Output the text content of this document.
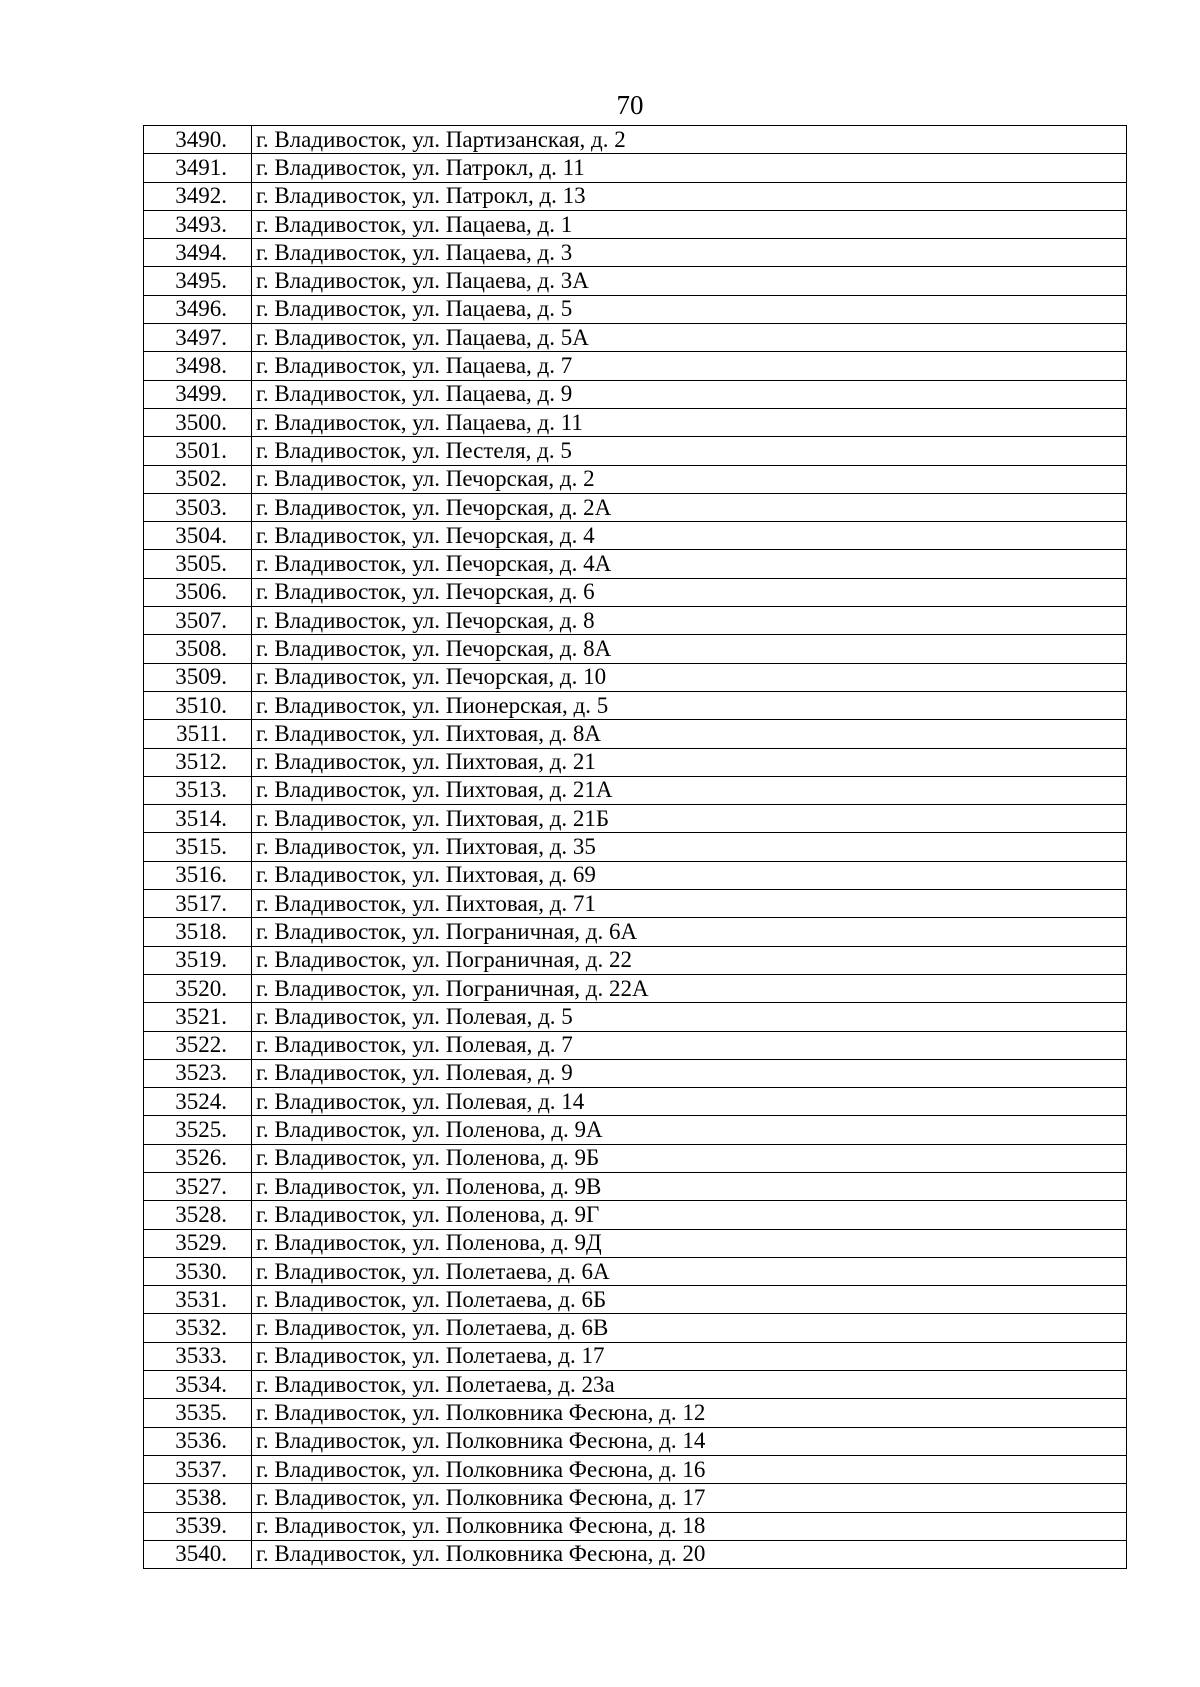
70
3490.	г. Владивосток, ул. Партизанская, д. 2
3491.	г. Владивосток, ул. Патрокл, д. 11
3492.	г. Владивосток, ул. Патрокл, д. 13
3493.	г. Владивосток, ул. Пацаева, д. 1
3494.	г. Владивосток, ул. Пацаева, д. 3
3495.	г. Владивосток, ул. Пацаева, д. 3А
3496.	г. Владивосток, ул. Пацаева, д. 5
3497.	г. Владивосток, ул. Пацаева, д. 5А
3498.	г. Владивосток, ул. Пацаева, д. 7
3499.	г. Владивосток, ул. Пацаева, д. 9
3500.	г. Владивосток, ул. Пацаева, д. 11
3501.	г. Владивосток, ул. Пестеля, д. 5
3502.	г. Владивосток, ул. Печорская, д. 2
3503.	г. Владивосток, ул. Печорская, д. 2А
3504.	г. Владивосток, ул. Печорская, д. 4
3505.	г. Владивосток, ул. Печорская, д. 4А
3506.	г. Владивосток, ул. Печорская, д. 6
3507.	г. Владивосток, ул. Печорская, д. 8
3508.	г. Владивосток, ул. Печорская, д. 8А
3509.	г. Владивосток, ул. Печорская, д. 10
3510.	г. Владивосток, ул. Пионерская, д. 5
3511.	г. Владивосток, ул. Пихтовая, д. 8А
3512.	г. Владивосток, ул. Пихтовая, д. 21
3513.	г. Владивосток, ул. Пихтовая, д. 21А
3514.	г. Владивосток, ул. Пихтовая, д. 21Б
3515.	г. Владивосток, ул. Пихтовая, д. 35
3516.	г. Владивосток, ул. Пихтовая, д. 69
3517.	г. Владивосток, ул. Пихтовая, д. 71
3518.	г. Владивосток, ул. Пограничная, д. 6А
3519.	г. Владивосток, ул. Пограничная, д. 22
3520.	г. Владивосток, ул. Пограничная, д. 22А
3521.	г. Владивосток, ул. Полевая, д. 5
3522.	г. Владивосток, ул. Полевая, д. 7
3523.	г. Владивосток, ул. Полевая, д. 9
3524.	г. Владивосток, ул. Полевая, д. 14
3525.	г. Владивосток, ул. Поленова, д. 9А
3526.	г. Владивосток, ул. Поленова, д. 9Б
3527.	г. Владивосток, ул. Поленова, д. 9В
3528.	г. Владивосток, ул. Поленова, д. 9Г
3529.	г. Владивосток, ул. Поленова, д. 9Д
3530.	г. Владивосток, ул. Полетаева, д. 6А
3531.	г. Владивосток, ул. Полетаева, д. 6Б
3532.	г. Владивосток, ул. Полетаева, д. 6В
3533.	г. Владивосток, ул. Полетаева, д. 17
3534.	г. Владивосток, ул. Полетаева, д. 23а
3535.	г. Владивосток, ул. Полковника Фесюна, д. 12
3536.	г. Владивосток, ул. Полковника Фесюна, д. 14
3537.	г. Владивосток, ул. Полковника Фесюна, д. 16
3538.	г. Владивосток, ул. Полковника Фесюна, д. 17
3539.	г. Владивосток, ул. Полковника Фесюна, д. 18
3540.	г. Владивосток, ул. Полковника Фесюна, д. 20
